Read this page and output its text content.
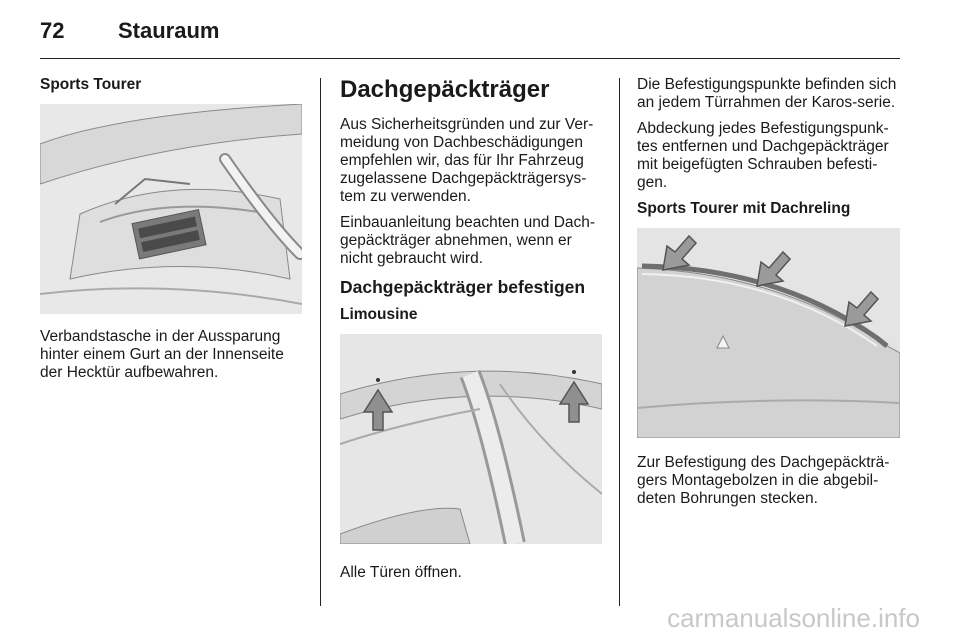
72 Stauraum
Sports Tourer

Verbandstasche in der Aussparung hinter einem Gurt an der Innenseite der Hecktür aufbewahren.

Dachgepäckträger

Aus Sicherheitsgründen und zur Ver-meidung von Dachbeschädigungen empfehlen wir, das für Ihr Fahrzeug zugelassene Dachgepäckträgersys-tem zu verwenden.

Einbauanleitung beachten und Dach-gepäckträger abnehmen, wenn er nicht gebraucht wird.

Dachgepäckträger befestigen
Limousine

Alle Türen öffnen.

Die Befestigungspunkte befinden sich an jedem Türrahmen der Karos-serie.

Abdeckung jedes Befestigungspunk-tes entfernen und Dachgepäckträger mit beigefügten Schrauben befesti-gen.

Sports Tourer mit Dachreling

Zur Befestigung des Dachgepäckträ-gers Montagebolzen in die abgebil-deten Bohrungen stecken.

carmanualsonline.info
